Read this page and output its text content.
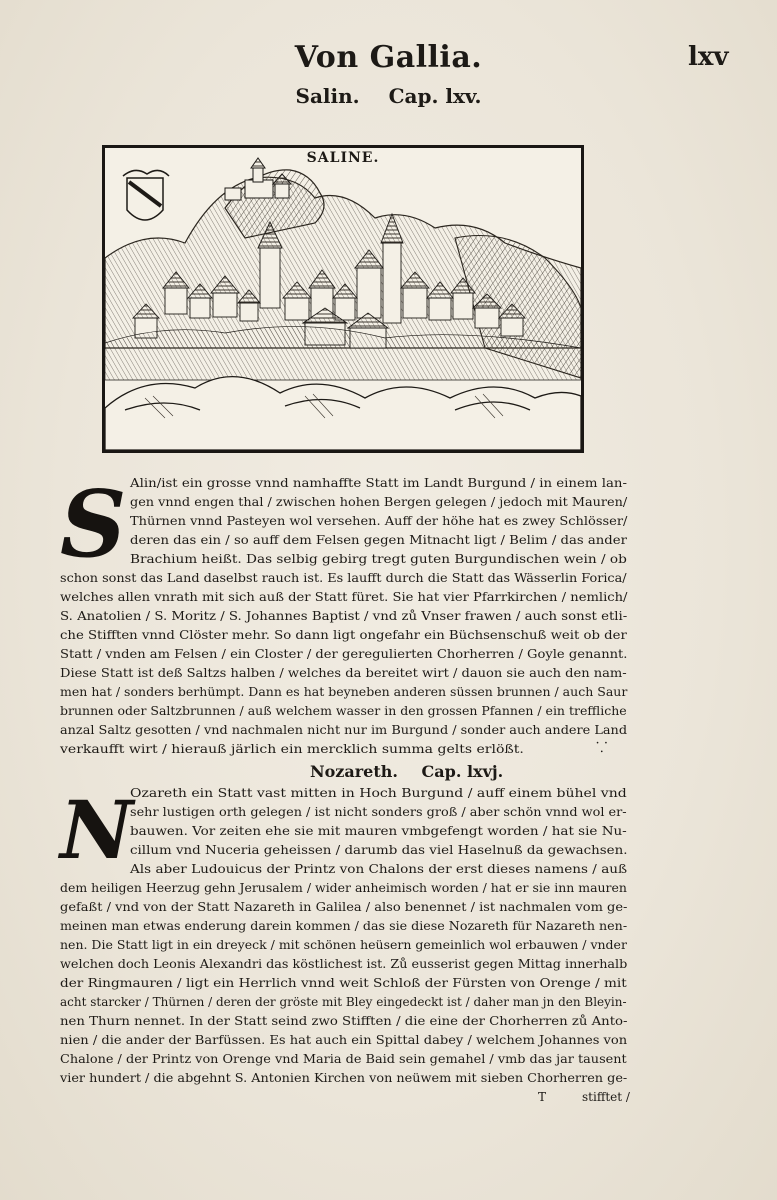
Von Gallia.	lxv
Salin. Cap. lxv.
SALINE.
S Alin/ist ein grosse vnnd namhaffte Statt im Landt Burgund / in einem lan-
gen vnnd engen thal / zwischen hohen Bergen gelegen / jedoch mit Mauren/
Thürnen vnnd Pasteyen wol versehen. Auff der höhe hat es zwey Schlösser/
deren das ein / so auff dem Felsen gegen Mitnacht ligt / Belim / das ander
Brachium heißt. Das selbig gebirg tregt guten Burgundischen wein / ob
schon sonst das Land daselbst rauch ist. Es laufft durch die Statt das Wässerlin Forica/
welches allen vnrath mit sich auß der Statt füret. Sie hat vier Pfarrkirchen / nemlich/
S. Anatolien / S. Moritz / S. Johannes Baptist / vnd zů Vnser frawen / auch sonst etli-
che Stifften vnnd Clöster mehr. So dann ligt ongefahr ein Büchsenschuß weit ob der
Statt / vnden am Felsen / ein Closter / der geregulierten Chorherren / Goyle genannt.
Diese Statt ist deß Saltzs halben / welches da bereitet wirt / dauon sie auch den nam-
men hat / sonders berhümpt. Dann es hat beyneben anderen süssen brunnen / auch Saur
brunnen oder Saltzbrunnen / auß welchem wasser in den grossen Pfannen / ein treffliche
anzal Saltz gesotten / vnd nachmalen nicht nur im Burgund / sonder auch andere Land
verkaufft wirt / hierauß järlich ein mercklich summa gelts erlößt.	⸪
Nozareth. Cap. lxvj.
N
Ozareth ein Statt vast mitten in Hoch Burgund / auff einem bühel vnd
sehr lustigen orth gelegen / ist nicht sonders groß / aber schön vnnd wol er-
bauwen. Vor zeiten ehe sie mit mauren vmbgefengt worden / hat sie Nu-
cillum vnd Nuceria geheissen / darumb das viel Haselnuß da gewachsen.
Als aber Ludouicus der Printz von Chalons der erst dieses namens / auß
dem heiligen Heerzug gehn Jerusalem / wider anheimisch worden / hat er sie inn mauren
gefaßt / vnd von der Statt Nazareth in Galilea / also benennet / ist nachmalen vom ge-
meinen man etwas enderung darein kommen / das sie diese Nozareth für Nazareth nen-
nen. Die Statt ligt in ein dreyeck / mit schönen heüsern gemeinlich wol erbauwen / vnder
welchen doch Leonis Alexandri das köstlichest ist. Zů eusserist gegen Mittag innerhalb
der Ringmauren / ligt ein Herrlich vnnd weit Schloß der Fürsten von Orenge / mit
acht starcker / Thürnen / deren der gröste mit Bley eingedeckt ist / daher man jn den Bleyin-
nen Thurn nennet. In der Statt seind zwo Stifften / die eine der Chorherren zů Anto-
nien / die ander der Barfüssen. Es hat auch ein Spittal dabey / welchem Johannes von
Chalone / der Printz von Orenge vnd Maria de Baid sein gemahel / vmb das jar tausent
vier hundert / die abgehnt S. Antonien Kirchen von neüwem mit sieben Chorherren ge-
T	stifftet /
